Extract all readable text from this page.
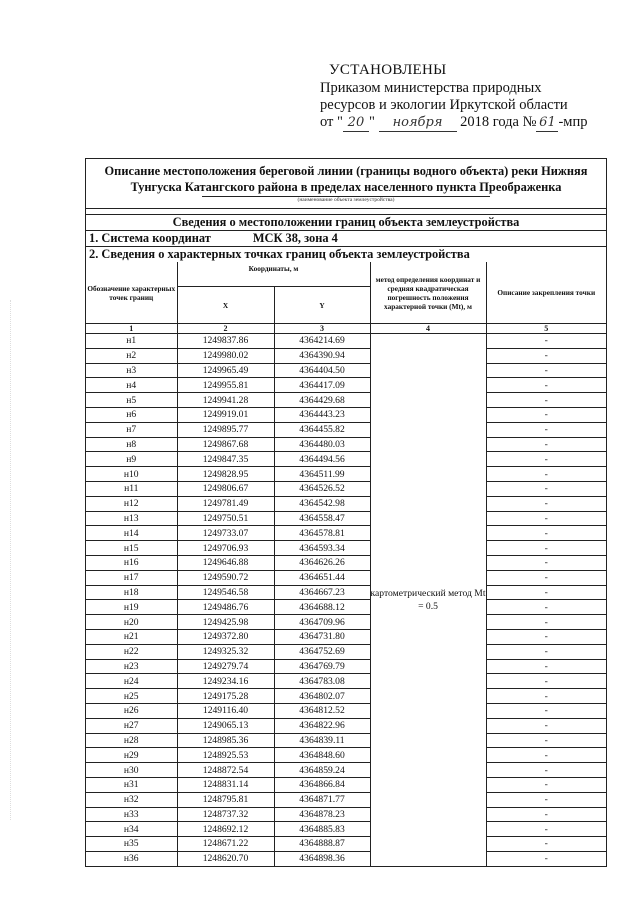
УСТАНОВЛЕНЫ
Приказом министерства природных
ресурсов и экологии Иркутской области
от " 20 " ноября 2018 года № 61 -мпр
Описание местоположения береговой линии (границы водного объекта) реки Нижняя
Тунгуска Катангского района в пределах населенного пункта Преображенка
(наименование объекта землеустройства)
Сведения о местоположении границ объекта землеустройства
1. Система координат	МСК 38, зона 4
2. Сведения о характерных точках границ объекта землеустройства
Обозначение характерных точек границ	Координаты, м		метод определения координат и средняя квадратическая погрешность положения характерной точки (Mt), м	Описание закрепления точки
	X	Y		
1	2	3	4	5
н1	1249837.86	4364214.69	картометрический метод Mt = 0.5	-
н2	1249980.02	4364390.94		-
н3	1249965.49	4364404.50		-
н4	1249955.81	4364417.09		-
н5	1249941.28	4364429.68		-
н6	1249919.01	4364443.23		-
н7	1249895.77	4364455.82		-
н8	1249867.68	4364480.03		-
н9	1249847.35	4364494.56		-
н10	1249828.95	4364511.99		-
н11	1249806.67	4364526.52		-
н12	1249781.49	4364542.98		-
н13	1249750.51	4364558.47		-
н14	1249733.07	4364578.81		-
н15	1249706.93	4364593.34		-
н16	1249646.88	4364626.26		-
н17	1249590.72	4364651.44		-
н18	1249546.58	4364667.23		-
н19	1249486.76	4364688.12		-
н20	1249425.98	4364709.96		-
н21	1249372.80	4364731.80		-
н22	1249325.32	4364752.69		-
н23	1249279.74	4364769.79		-
н24	1249234.16	4364783.08		-
н25	1249175.28	4364802.07		-
н26	1249116.40	4364812.52		-
н27	1249065.13	4364822.96		-
н28	1248985.36	4364839.11		-
н29	1248925.53	4364848.60		-
н30	1248872.54	4364859.24		-
н31	1248831.14	4364866.84		-
н32	1248795.81	4364871.77		-
н33	1248737.32	4364878.23		-
н34	1248692.12	4364885.83		-
н35	1248671.22	4364888.87		-
н36	1248620.70	4364898.36		-
